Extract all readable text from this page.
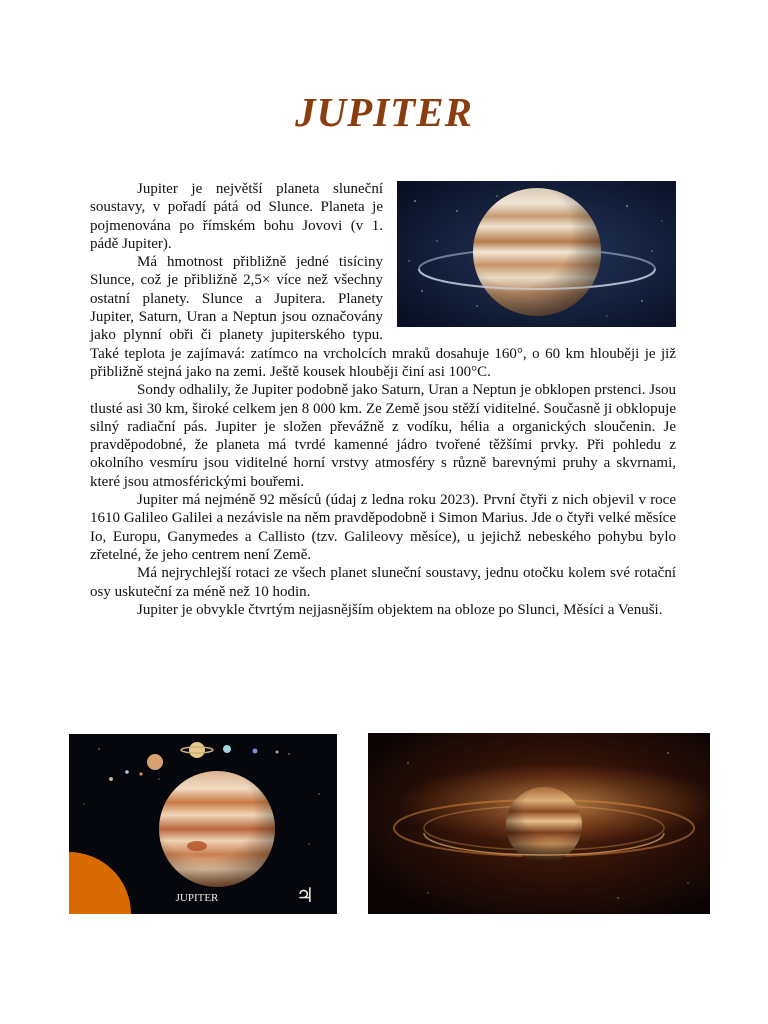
JUPITER

Jupiter je největší planeta sluneční soustavy, v pořadí pátá od Slunce. Planeta je pojmenována po římském bohu Jovovi (v 1. pádě Jupiter).

Má hmotnost přibližně jedné tisíciny Slunce, což je přibližně 2,5× více než všechny ostatní planety. Slunce a Jupitera. Planety Jupiter, Saturn, Uran a Neptun jsou označovány jako plynní obři či planety jupiterského typu. Také teplota je zajímavá: zatímco na vrcholcích mraků dosahuje 160°, o 60 km hlouběji je již přibližně stejná jako na zemi. Ještě kousek hlouběji činí asi 100°C.

Sondy odhalily, že Jupiter podobně jako Saturn, Uran a Neptun je obklopen prstenci. Jsou tlusté asi 30 km, široké celkem jen 8 000 km. Ze Země jsou stěží viditelné. Současně ji obklopuje silný radiační pás. Jupiter je složen převážně z vodíku, hélia a organických sloučenin. Je pravděpodobné, že planeta má tvrdé kamenné jádro tvořené těžšími prvky. Při pohledu z okolního vesmíru jsou viditelné horní vrstvy atmosféry s různě barevnými pruhy a skvrnami, které jsou atmosférickými bouřemi.

Jupiter má nejméně 92 měsíců (údaj z ledna roku 2023). První čtyři z nich objevil v roce 1610 Galileo Galilei a nezávisle na něm pravděpodobně i Simon Marius. Jde o čtyři velké měsíce Io, Europu, Ganymedes a Callisto (tzv. Galileovy měsíce), u jejichž nebeského pohybu bylo zřetelné, že jeho centrem není Země.

Má nejrychlejší rotaci ze všech planet sluneční soustavy, jednu otočku kolem své rotační osy uskuteční za méně než 10 hodin.

Jupiter je obvykle čtvrtým nejjasnějším objektem na obloze po Slunci, Měsíci a Venuši.

JUPITER	♃
